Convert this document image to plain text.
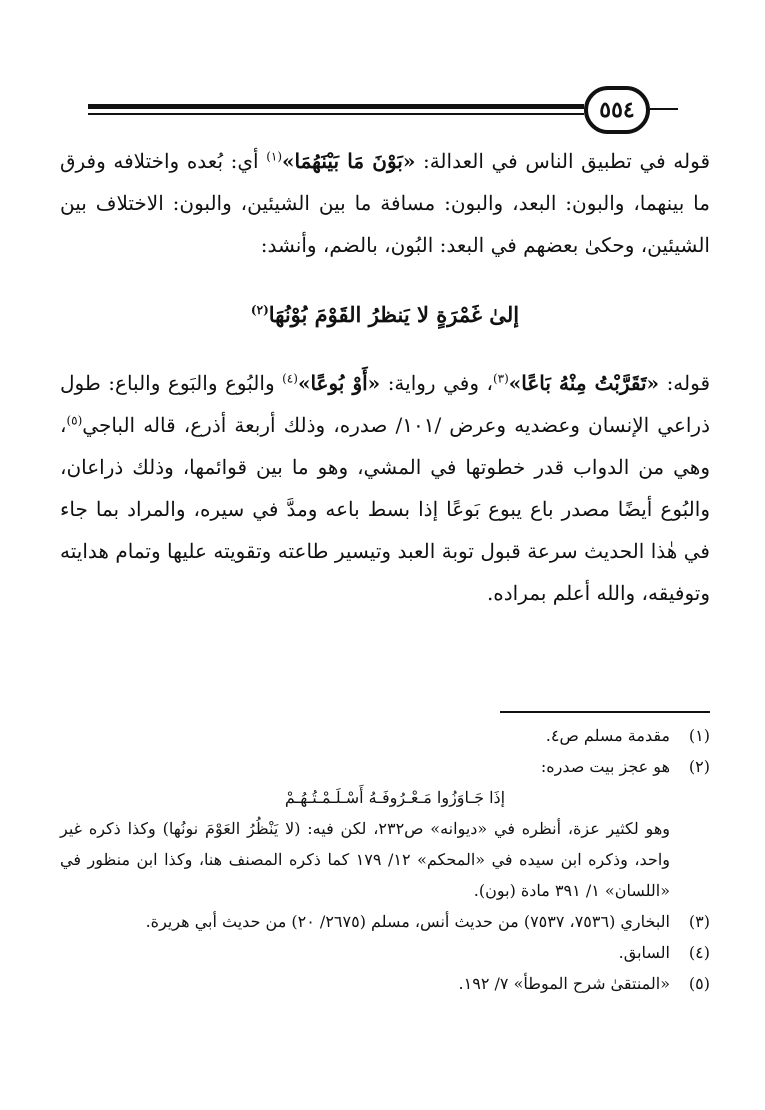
٥٥٤

قوله في تطبيق الناس في العدالة: «بَوْنَ مَا بَيْنَهُمَا»$^{(١)}$ أي: بُعده واختلافه وفرق ما بينهما، والبون: البعد، والبون: مسافة ما بين الشيئين، والبون: الاختلاف بين الشيئين، وحكىٰ بعضهم في البعد: البُون، بالضم، وأنشد:

إلىٰ غَمْرَةٍ لا يَنظرُ القَوْمَ بُوْنُهَا$^{(٢)}$

قوله: «تَقَرَّبْتُ مِنْهُ بَاعًا»$^{(٣)}$، وفي رواية: «أَوْ بُوعًا»$^{(٤)}$ والبُوع والبَوع والباع: طول ذراعي الإنسان وعضديه وعرض /١٠١/ صدره، وذلك أربعة أذرع، قاله الباجي$^{(٥)}$، وهي من الدواب قدر خطوتها في المشي، وهو ما بين قوائمها، وذلك ذراعان، والبُوع أيضًا مصدر باع يبوع بَوعًا إذا بسط باعه ومدَّ في سيره، والمراد بما جاء في هٰذا الحديث سرعة قبول توبة العبد وتيسير طاعته وتقويته عليها وتمام هدايته وتوفيقه، والله أعلم بمراده.

(١)

مقدمة مسلم ص٤.

(٢)

هو عجز بيت صدره:

إذَا جَـاوَزُوا مَـعْـرُوفَـهُ أَسْـلَـمْـتُـهُـمْ

وهو لكثير عزة، أنظره في «ديوانه» ص٢٣٢، لكن فيه: (لا يَنْظُرُ العَوْمَ نونُها) وكذا ذكره غير واحد، وذكره ابن سيده في «المحكم» ١٢/ ١٧٩ كما ذكره المصنف هنا، وكذا ابن منظور في «اللسان» ١/ ٣٩١ مادة (بون).

(٣)

البخاري (٧٥٣٦، ٧٥٣٧) من حديث أنس، مسلم (٢٦٧٥/ ٢٠) من حديث أبي هريرة.

(٤)

السابق.

(٥)

«المنتقىٰ شرح الموطأ» ٧/ ١٩٢.
